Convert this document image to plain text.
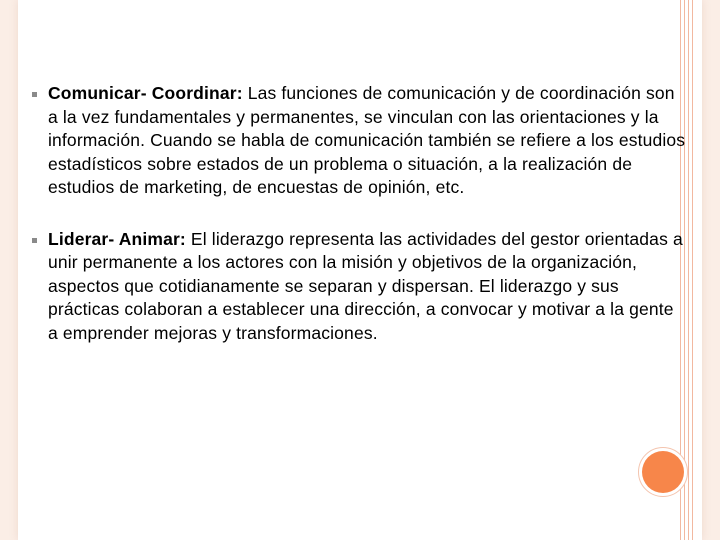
Comunicar- Coordinar: Las funciones de comunicación y de coordinación son a la vez fundamentales y permanentes, se vinculan con las orientaciones y la información. Cuando se habla de comunicación también se refiere a los estudios estadísticos sobre estados de un problema o situación, a la realización de estudios de marketing, de encuestas de opinión, etc.

Liderar- Animar: El liderazgo representa las actividades del gestor orientadas a unir permanente a los actores con la misión y objetivos de la organización, aspectos que cotidianamente se separan y dispersan. El liderazgo y sus prácticas colaboran a establecer una dirección, a convocar y motivar a la gente a emprender mejoras y transformaciones.
